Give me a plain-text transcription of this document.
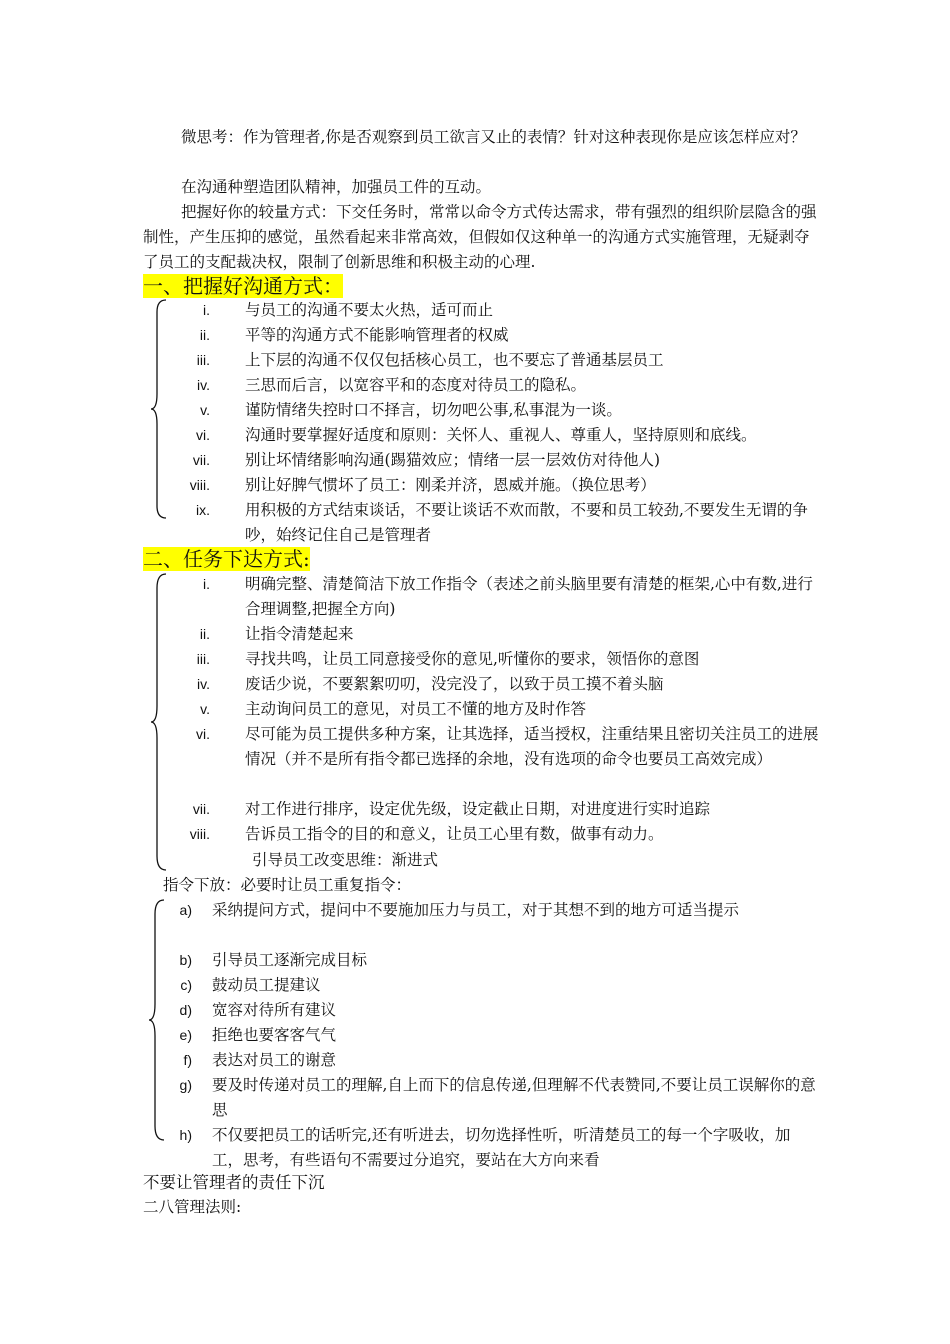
微思考：作为管理者,你是否观察到员工欲言又止的表情？针对这种表现你是应该怎样应对？

在沟通种塑造团队精神，加强员工件的互动。

把握好你的较量方式：下交任务时，常常以命令方式传达需求，带有强烈的组织阶层隐含的强制性，产生压抑的感觉，虽然看起来非常高效，但假如仅这种单一的沟通方式实施管理，无疑剥夺了员工的支配裁决权，限制了创新思维和积极主动的心理.

一、把握好沟通方式：

i. 与员工的沟通不要太火热，适可而止
ii. 平等的沟通方式不能影响管理者的权威
iii. 上下层的沟通不仅仅包括核心员工，也不要忘了普通基层员工
iv. 三思而后言，以宽容平和的态度对待员工的隐私。
v. 谨防情绪失控时口不择言，切勿吧公事,私事混为一谈。
vi. 沟通时要掌握好适度和原则：关怀人、重视人、尊重人，坚持原则和底线。
vii. 别让坏情绪影响沟通(踢猫效应；情绪一层一层效仿对待他人)
viii. 别让好脾气惯坏了员工：刚柔并济，恩威并施。（换位思考）
ix. 用积极的方式结束谈话，不要让谈话不欢而散，不要和员工较劲,不要发生无谓的争吵，始终记住自己是管理者

二、任务下达方式:

i. 明确完整、清楚简洁下放工作指令（表述之前头脑里要有清楚的框架,心中有数,进行合理调整,把握全方向)
ii. 让指令清楚起来
iii. 寻找共鸣，让员工同意接受你的意见,听懂你的要求，领悟你的意图
iv. 废话少说，不要絮絮叨叨，没完没了，以致于员工摸不着头脑
v. 主动询问员工的意见，对员工不懂的地方及时作答
vi. 尽可能为员工提供多种方案，让其选择，适当授权，注重结果且密切关注员工的进展情况（并不是所有指令都已选择的余地，没有选项的命令也要员工高效完成）
vii. 对工作进行排序，设定优先级，设定截止日期，对进度进行实时追踪
viii. 告诉员工指令的目的和意义，让员工心里有数，做事有动力。

引导员工改变思维：渐进式

指令下放：必要时让员工重复指令：

a) 采纳提问方式，提问中不要施加压力与员工，对于其想不到的地方可适当提示
b) 引导员工逐渐完成目标
c) 鼓动员工提建议
d) 宽容对待所有建议
e) 拒绝也要客客气气
f) 表达对员工的谢意
g) 要及时传递对员工的理解,自上而下的信息传递,但理解不代表赞同,不要让员工误解你的意思
h) 不仅要把员工的话听完,还有听进去，切勿选择性听，听清楚员工的每一个字吸收，加工，思考，有些语句不需要过分追究，要站在大方向来看

不要让管理者的责任下沉

二八管理法则:
